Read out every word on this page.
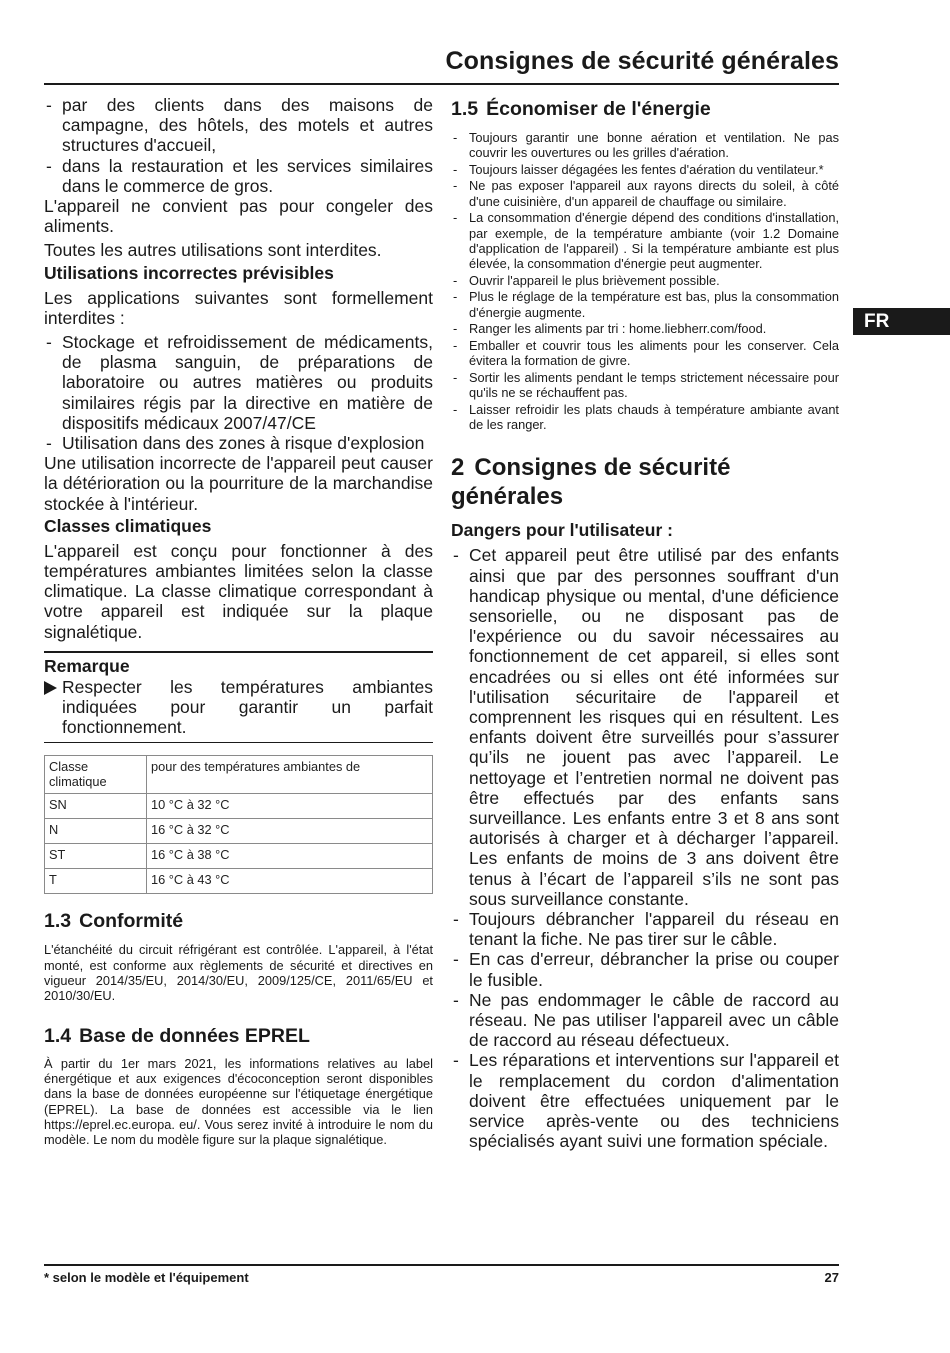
Consignes de sécurité générales
FR
- par des clients dans des maisons de campagne, des hôtels, des motels et autres structures d'accueil,
- dans la restauration et les services similaires dans le commerce de gros.

L'appareil ne convient pas pour congeler des aliments.

Toutes les autres utilisations sont interdites.

Utilisations incorrectes prévisibles

Les applications suivantes sont formellement interdites :

- Stockage et refroidissement de médicaments, de plasma sanguin, de préparations de laboratoire ou autres matières ou produits similaires régis par la directive en matière de dispositifs médicaux 2007/47/CE
- Utilisation dans des zones à risque d'explosion

Une utilisation incorrecte de l'appareil peut causer la détérioration ou la pourriture de la marchandise stockée à l'intérieur.

Classes climatiques

L'appareil est conçu pour fonctionner à des températures ambiantes limitées selon la classe climatique. La classe climatique correspondant à votre appareil est indiquée sur la plaque signalétique.

Remarque
Respecter les températures ambiantes indiquées pour garantir un parfait fonctionnement.
Classe climatique	pour des températures ambiantes de
SN	10 °C à 32 °C
N	16 °C à 32 °C
ST	16 °C à 38 °C
T	16 °C à 43 °C
1.3 Conformité

L'étanchéité du circuit réfrigérant est contrôlée. L'appareil, à l'état monté, est conforme aux règlements de sécurité et directives en vigueur 2014/35/EU, 2014/30/EU, 2009/125/CE, 2011/65/EU et 2010/30/EU.

1.4 Base de données EPREL

À partir du 1er mars 2021, les informations relatives au label énergétique et aux exigences d'écoconception seront disponibles dans la base de données européenne sur l'étiquetage énergétique (EPREL). La base de données est accessible via le lien https://eprel.ec.europa. eu/. Vous serez invité à introduire le nom du modèle. Le nom du modèle figure sur la plaque signalétique.

1.5 Économiser de l'énergie
- Toujours garantir une bonne aération et ventilation. Ne pas couvrir les ouvertures ou les grilles d'aération.
- Toujours laisser dégagées les fentes d'aération du ventilateur.*
- Ne pas exposer l'appareil aux rayons directs du soleil, à côté d'une cuisinière, d'un appareil de chauffage ou similaire.
- La consommation d'énergie dépend des conditions d'installation, par exemple, de la température ambiante (voir 1.2 Domaine d'application de l'appareil) . Si la température ambiante est plus élevée, la consommation d'énergie peut augmenter.
- Ouvrir l'appareil le plus brièvement possible.
- Plus le réglage de la température est bas, plus la consommation d'énergie augmente.
- Ranger les aliments par tri : home.liebherr.com/food.
- Emballer et couvrir tous les aliments pour les conserver. Cela évitera la formation de givre.
- Sortir les aliments pendant le temps strictement nécessaire pour qu'ils ne se réchauffent pas.
- Laisser refroidir les plats chauds à température ambiante avant de les ranger.
2 Consignes de sécurité générales
Dangers pour l'utilisateur :
- Cet appareil peut être utilisé par des enfants ainsi que par des personnes souffrant d'un handicap physique ou mental, d'une déficience sensorielle, ou ne disposant pas de l'expérience ou du savoir nécessaires au fonctionnement de cet appareil, si elles sont encadrées ou si elles ont été informées sur l'utilisation sécuritaire de l'appareil et comprennent les risques qui en résultent. Les enfants doivent être surveillés pour s’assurer qu’ils ne jouent pas avec l’appareil. Le nettoyage et l’entretien normal ne doivent pas être effectués par des enfants sans surveillance. Les enfants entre 3 et 8 ans sont autorisés à charger et à décharger l’appareil. Les enfants de moins de 3 ans doivent être tenus à l’écart de l’appareil s’ils ne sont pas sous surveillance constante.
- Toujours débrancher l'appareil du réseau en tenant la fiche. Ne pas tirer sur le câble.
- En cas d'erreur, débrancher la prise ou couper le fusible.
- Ne pas endommager le câble de raccord au réseau. Ne pas utiliser l'appareil avec un câble de raccord au réseau défectueux.
- Les réparations et interventions sur l'appareil et le remplacement du cordon d'alimentation doivent être effectuées uniquement par le service après-vente ou des techniciens spécialisés ayant suivi une formation spéciale.
* selon le modèle et l'équipement	27
